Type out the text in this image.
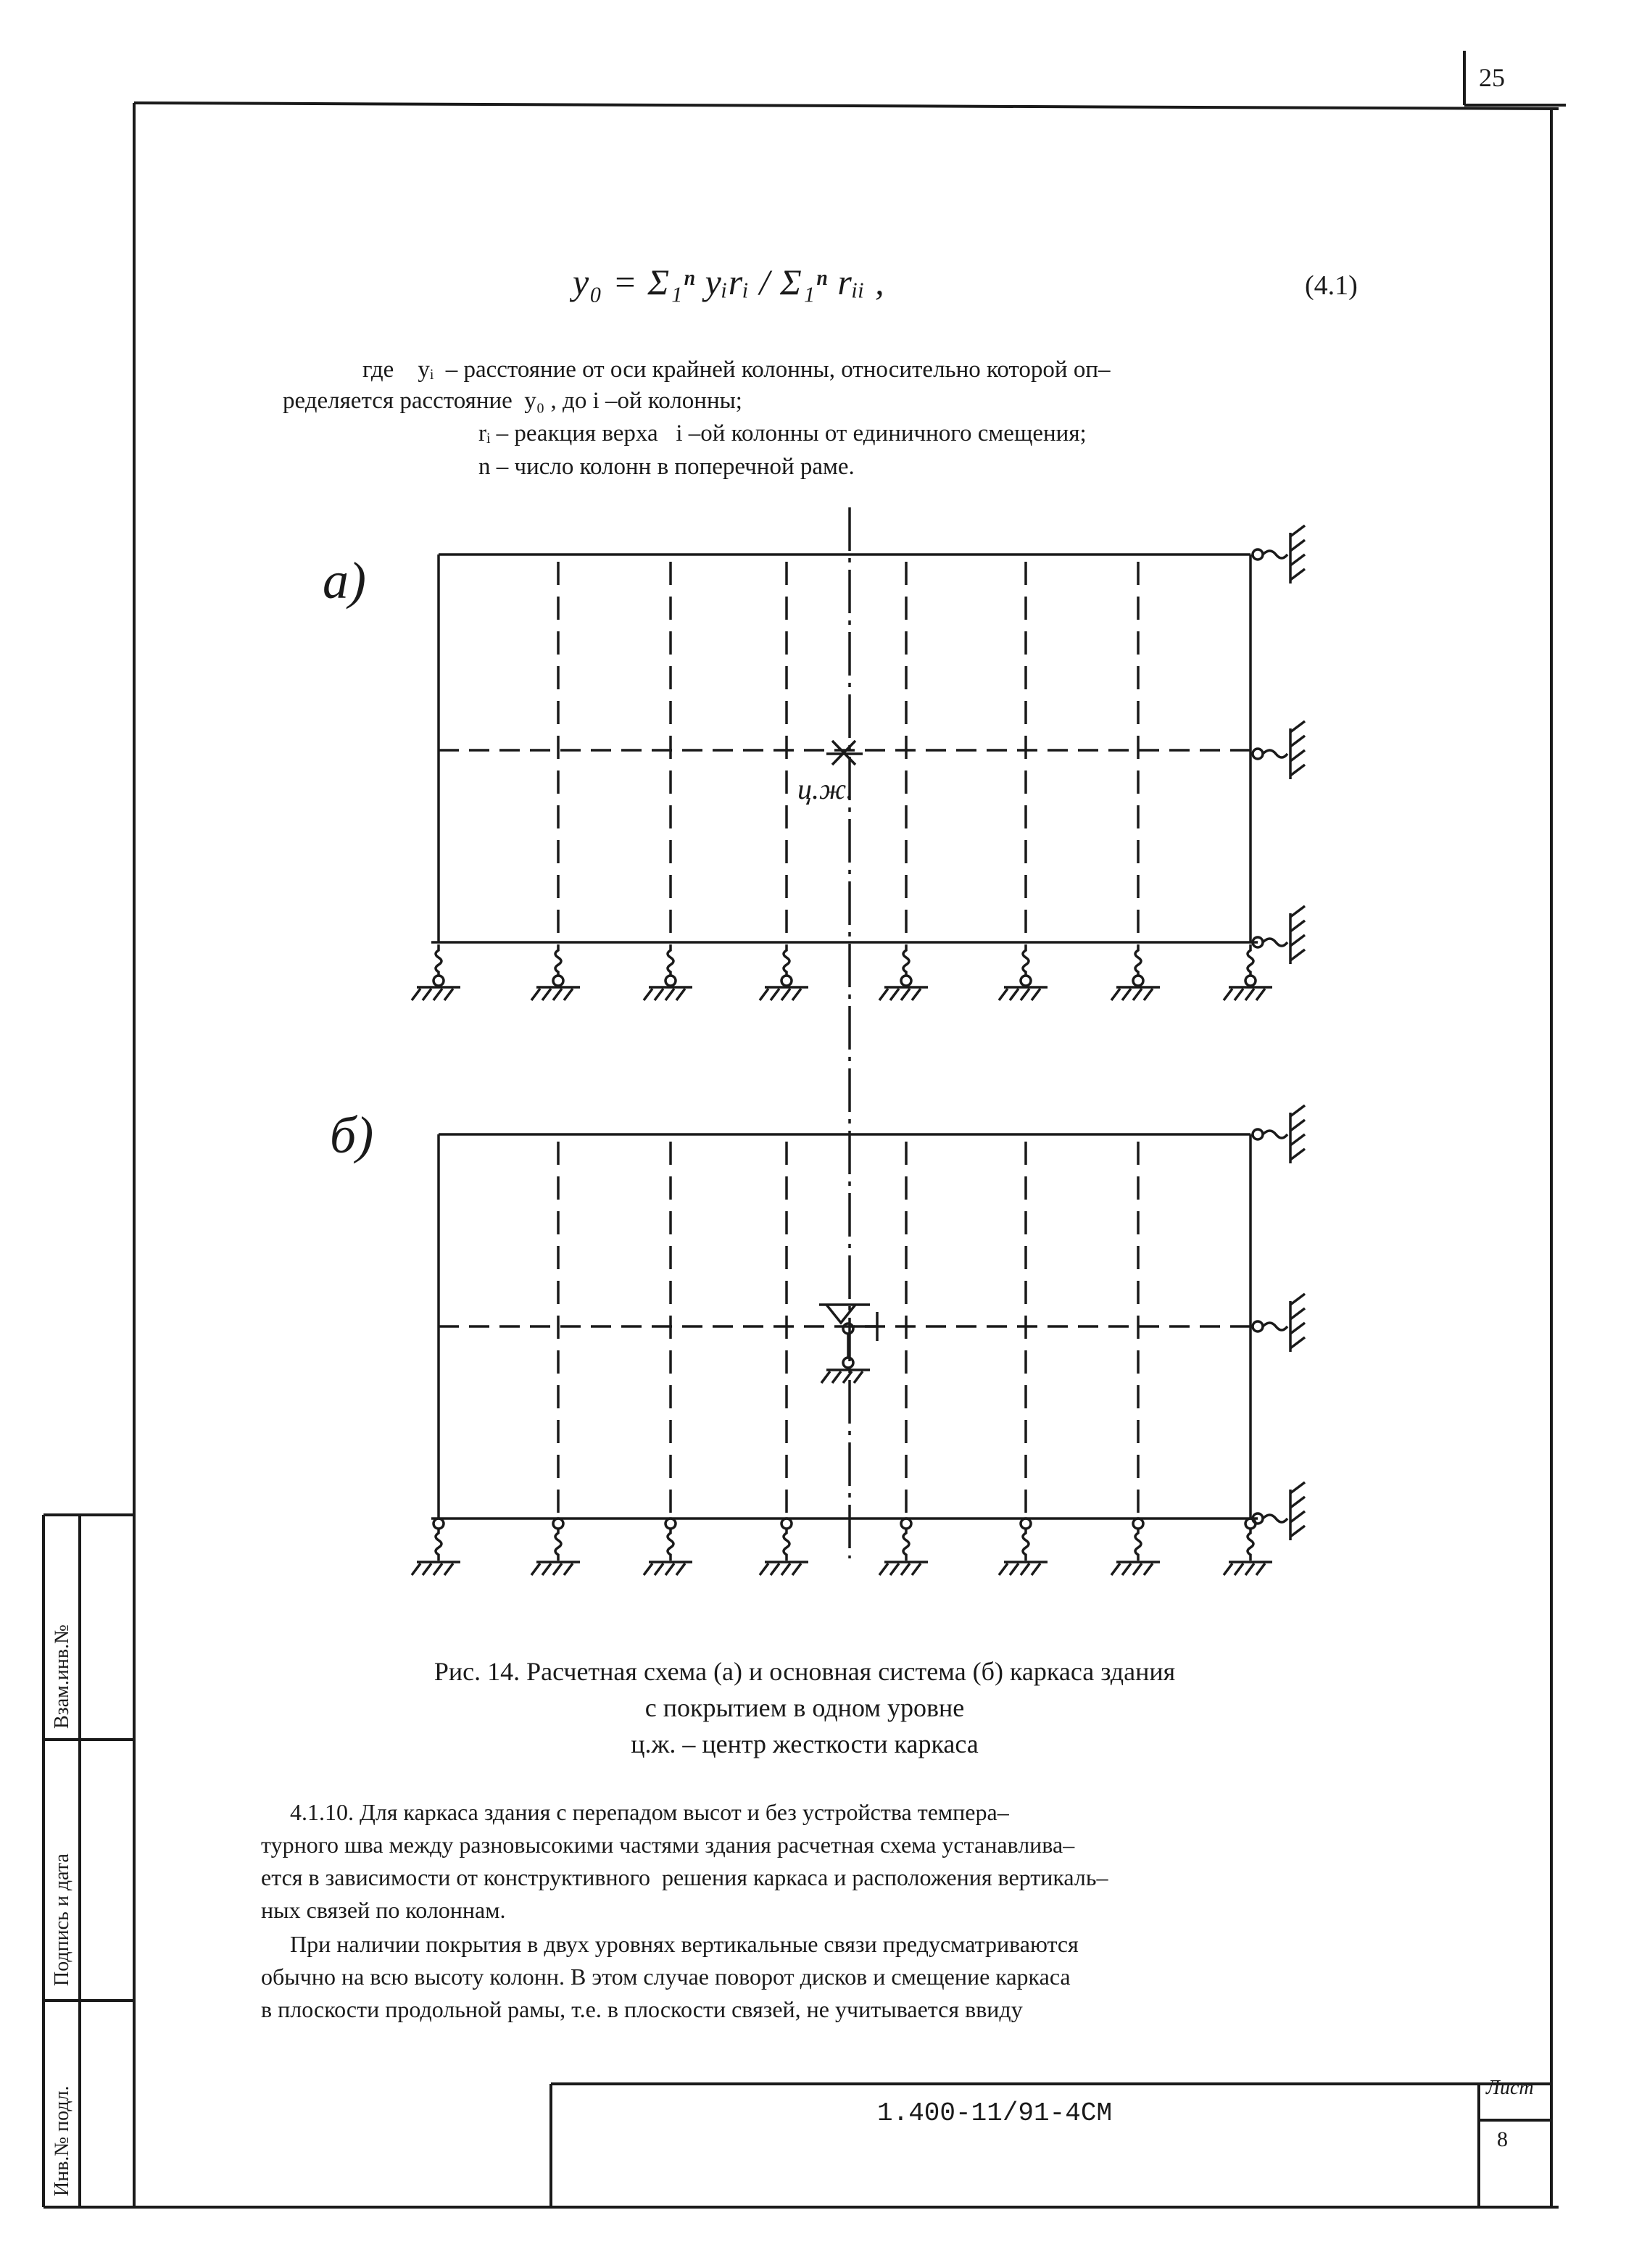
25
y₀ = Σ₁ⁿ yᵢrᵢ / Σ₁ⁿ rᵢᵢ ,	(4.1)
где    yᵢ  – расстояние от оси крайней колонны, относительно которой оп–
ределяется расстояние  y₀ , до i –ой колонны;
rᵢ – реакция верха   i –ой колонны от единичного смещения;
n – число колонн в поперечной раме.
а)
б)
ц.ж.
Рис. 14. Расчетная схема (а) и основная система (б) каркаса здания
с покрытием в одном уровне
ц.ж. – центр жесткости каркаса
4.1.10. Для каркаса здания с перепадом высот и без устройства темпера–
турного шва между разновысокими частями здания расчетная схема устанавлива–
ется в зависимости от конструктивного  решения каркаса и расположения вертикаль–
ных связей по колоннам.
При наличии покрытия в двух уровнях вертикальные связи предусматриваются
обычно на всю высоту колонн. В этом случае поворот дисков и смещение каркаса
в плоскости продольной рамы, т.е. в плоскости связей, не учитывается ввиду
Инв.№ подл.
Подпись и дата
Взам.инв.№
1.400-11/91-4СМ
Лист
8
